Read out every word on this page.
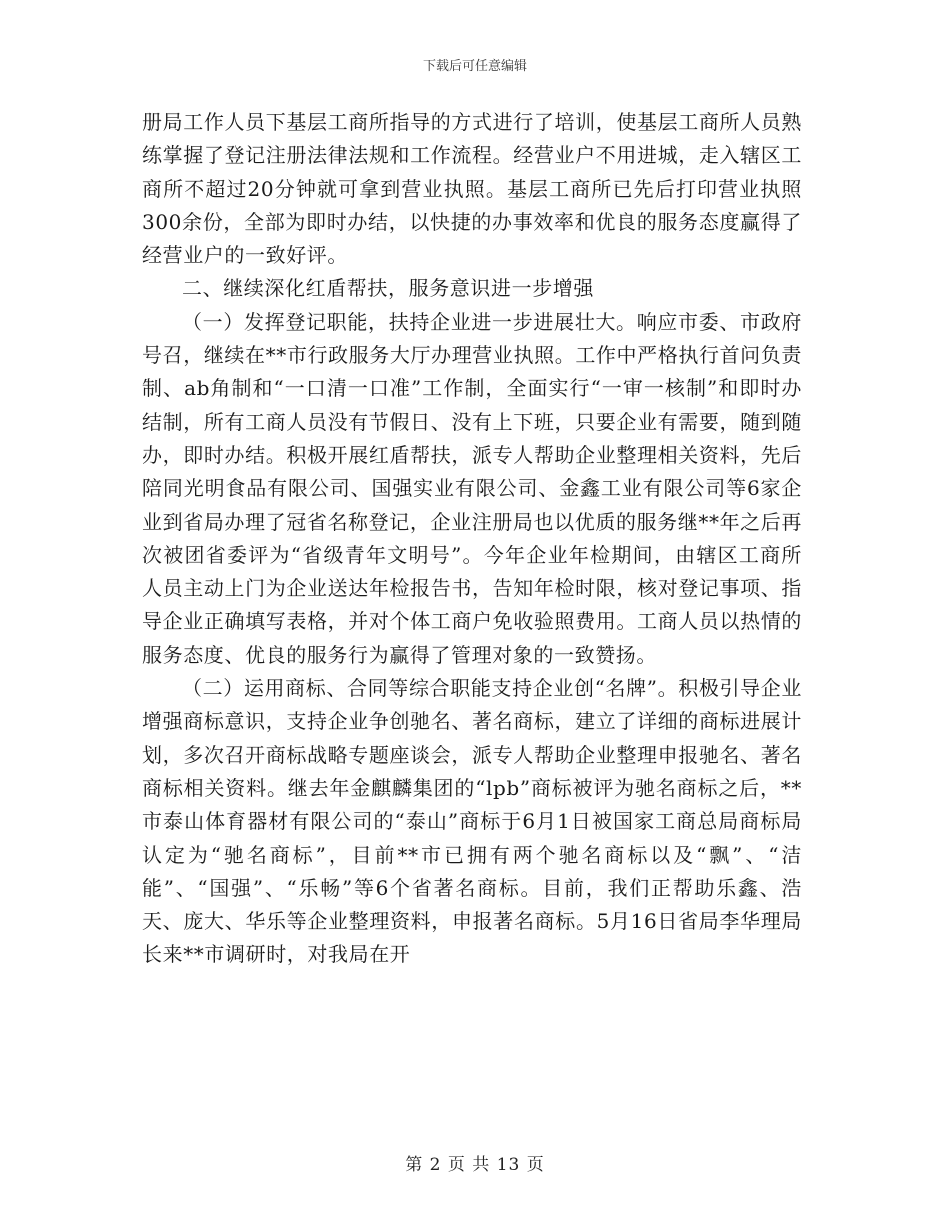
下载后可任意编辑

册局工作人员下基层工商所指导的方式进行了培训，使基层工商所人员熟练掌握了登记注册法律法规和工作流程。经营业户不用进城，走入辖区工商所不超过20分钟就可拿到营业执照。基层工商所已先后打印营业执照300余份，全部为即时办结，以快捷的办事效率和优良的服务态度赢得了经营业户的一致好评。

二、继续深化红盾帮扶，服务意识进一步增强

（一）发挥登记职能，扶持企业进一步进展壮大。响应市委、市政府号召，继续在**市行政服务大厅办理营业执照。工作中严格执行首问负责制、ab角制和“一口清一口准”工作制，全面实行“一审一核制”和即时办结制，所有工商人员没有节假日、没有上下班，只要企业有需要，随到随办，即时办结。积极开展红盾帮扶，派专人帮助企业整理相关资料，先后陪同光明食品有限公司、国强实业有限公司、金鑫工业有限公司等6家企业到省局办理了冠省名称登记，企业注册局也以优质的服务继**年之后再次被团省委评为“省级青年文明号”。今年企业年检期间，由辖区工商所人员主动上门为企业送达年检报告书，告知年检时限，核对登记事项、指导企业正确填写表格，并对个体工商户免收验照费用。工商人员以热情的服务态度、优良的服务行为赢得了管理对象的一致赞扬。

（二）运用商标、合同等综合职能支持企业创“名牌”。积极引导企业增强商标意识，支持企业争创驰名、著名商标，建立了详细的商标进展计划，多次召开商标战略专题座谈会，派专人帮助企业整理申报驰名、著名商标相关资料。继去年金麒麟集团的“lpb”商标被评为驰名商标之后，**市泰山体育器材有限公司的“泰山”商标于6月1日被国家工商总局商标局认定为“驰名商标”，目前**市已拥有两个驰名商标以及“飘”、“洁能”、“国强”、“乐畅”等6个省著名商标。目前，我们正帮助乐鑫、浩天、庞大、华乐等企业整理资料，申报著名商标。5月16日省局李华理局长来**市调研时，对我局在开

第 2 页 共 13 页
